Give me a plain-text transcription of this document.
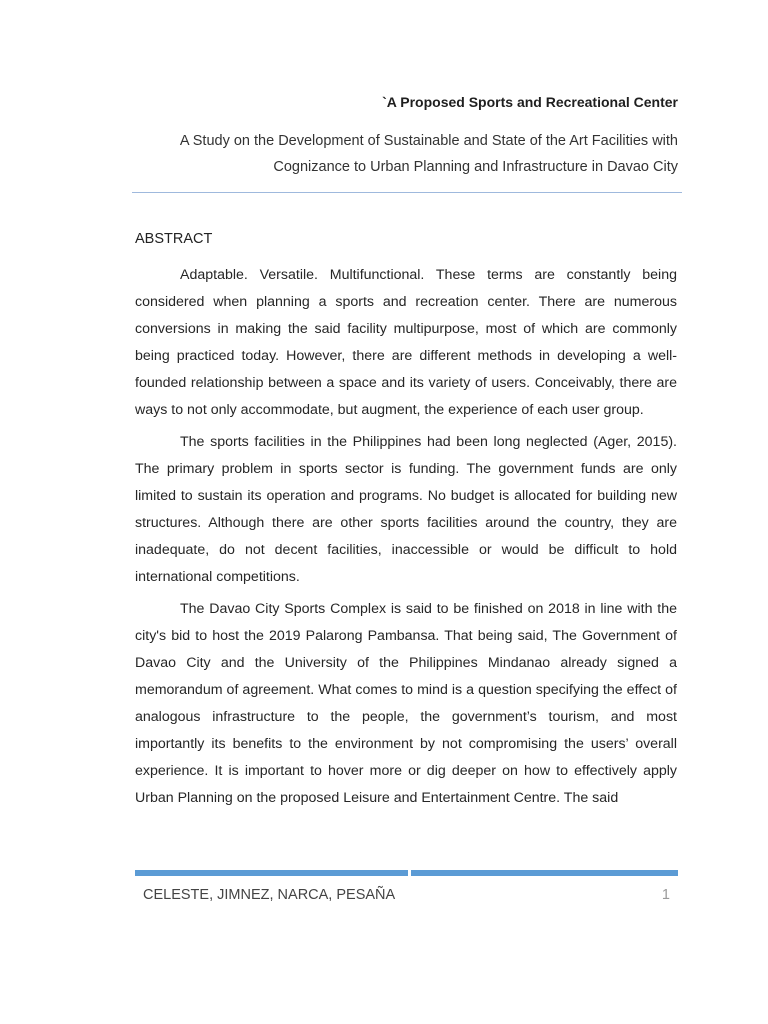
`A Proposed Sports and Recreational Center
A Study on the Development of Sustainable and State of the Art Facilities with
Cognizance to Urban Planning and Infrastructure in Davao City
ABSTRACT

Adaptable. Versatile. Multifunctional. These terms are constantly being considered when planning a sports and recreation center. There are numerous conversions in making the said facility multipurpose, most of which are commonly being practiced today. However, there are different methods in developing a well-founded relationship between a space and its variety of users. Conceivably, there are ways to not only accommodate, but augment, the experience of each user group.

The sports facilities in the Philippines had been long neglected (Ager, 2015). The primary problem in sports sector is funding. The government funds are only limited to sustain its operation and programs. No budget is allocated for building new structures. Although there are other sports facilities around the country, they are inadequate, do not decent facilities, inaccessible or would be difficult to hold international competitions.

The Davao City Sports Complex is said to be finished on 2018 in line with the city's bid to host the 2019 Palarong Pambansa. That being said, The Government of Davao City and the University of the Philippines Mindanao already signed a memorandum of agreement. What comes to mind is a question specifying the effect of analogous infrastructure to the people, the government’s tourism, and most importantly its benefits to the environment by not compromising the users’ overall experience. It is important to hover more or dig deeper on how to effectively apply Urban Planning on the proposed Leisure and Entertainment Centre. The said

CELESTE, JIMNEZ, NARCA, PESAÑA	1
